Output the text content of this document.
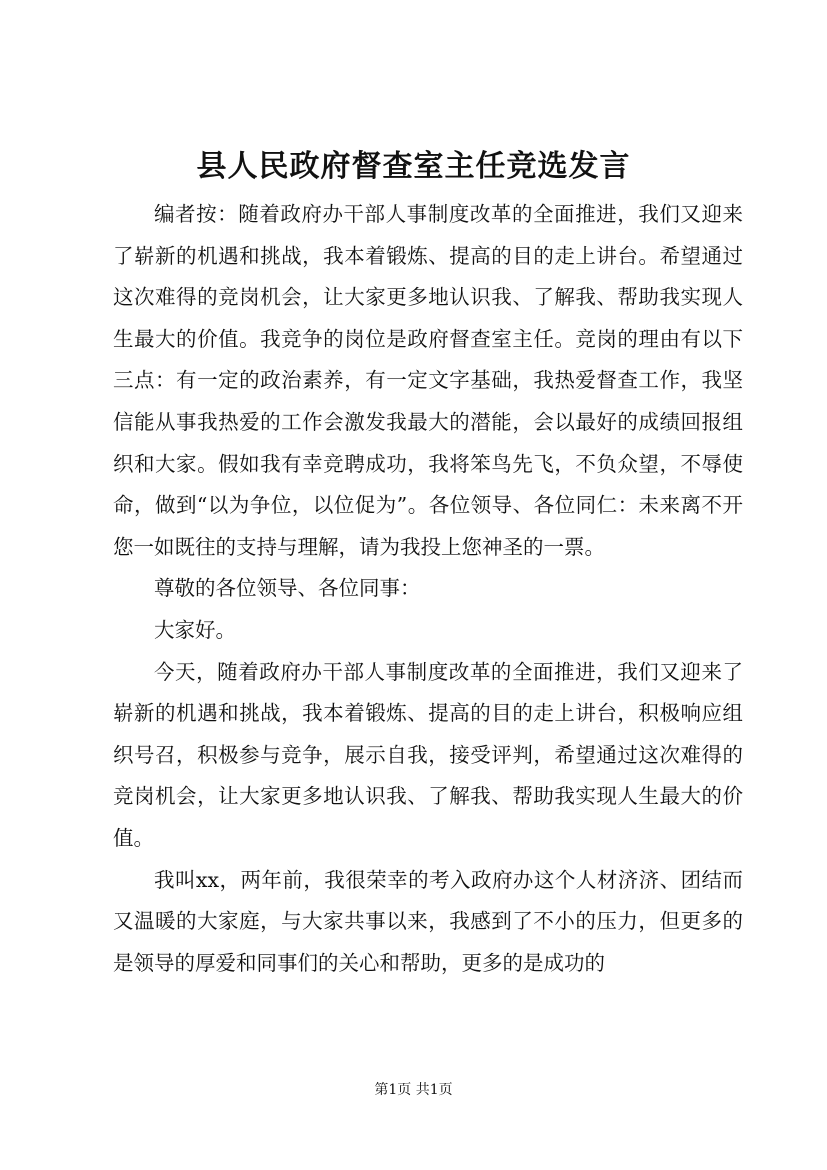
县人民政府督查室主任竞选发言

编者按：随着政府办干部人事制度改革的全面推进，我们又迎来了崭新的机遇和挑战，我本着锻炼、提高的目的走上讲台。希望通过这次难得的竞岗机会，让大家更多地认识我、了解我、帮助我实现人生最大的价值。我竞争的岗位是政府督查室主任。竞岗的理由有以下三点：有一定的政治素养，有一定文字基础，我热爱督查工作，我坚信能从事我热爱的工作会激发我最大的潜能，会以最好的成绩回报组织和大家。假如我有幸竞聘成功，我将笨鸟先飞，不负众望，不辱使命，做到“以为争位，以位促为”。各位领导、各位同仁：未来离不开您一如既往的支持与理解，请为我投上您神圣的一票。

尊敬的各位领导、各位同事：

大家好。

今天，随着政府办干部人事制度改革的全面推进，我们又迎来了崭新的机遇和挑战，我本着锻炼、提高的目的走上讲台，积极响应组织号召，积极参与竞争，展示自我，接受评判，希望通过这次难得的竞岗机会，让大家更多地认识我、了解我、帮助我实现人生最大的价值。

我叫xx，两年前，我很荣幸的考入政府办这个人材济济、团结而又温暖的大家庭，与大家共事以来，我感到了不小的压力，但更多的是领导的厚爱和同事们的关心和帮助，更多的是成功的

第1页 共1页
